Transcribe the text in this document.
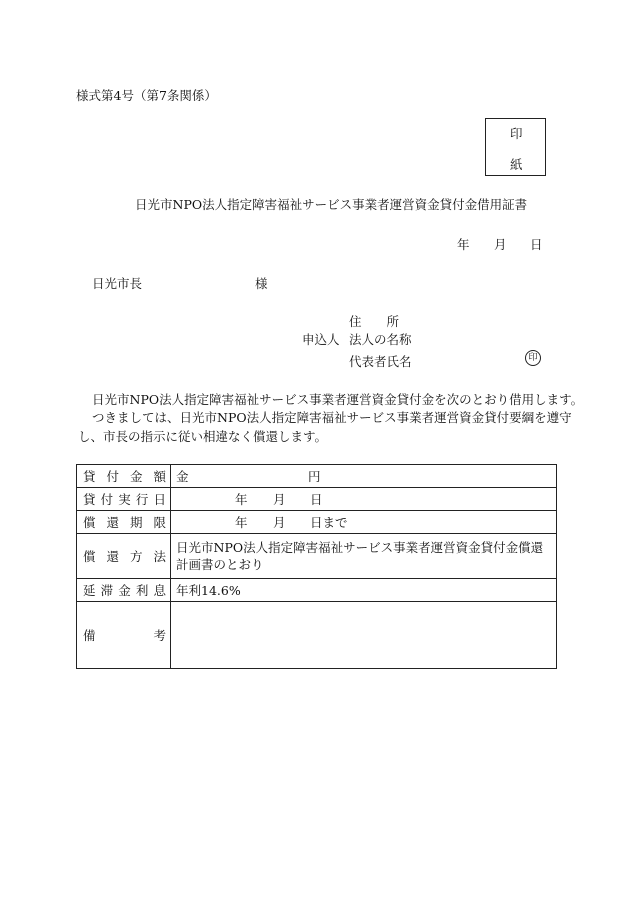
様式第4号（第7条関係）
印
紙
日光市NPO法人指定障害福祉サービス事業者運営資金貸付金借用証書
年 月 日
日光市長	様
住　　所
申込人 法人の名称
代表者氏名	印
日光市NPO法人指定障害福祉サービス事業者運営資金貸付金を次のとおり借用します。
つきましては、日光市NPO法人指定障害福祉サービス事業者運営資金貸付要綱を遵守
し、市長の指示に従い相違なく償還します。
貸 付 金 額	金 円

貸 付 実 行 日	年 月 日

償 還 期 限	年 月 日まで

償 還 方 法	日光市NPO法人指定障害福祉サービス事業者運営資金貸付金償還計画書のとおり

延 滞 金 利 息	年利14.6%

備 考	
